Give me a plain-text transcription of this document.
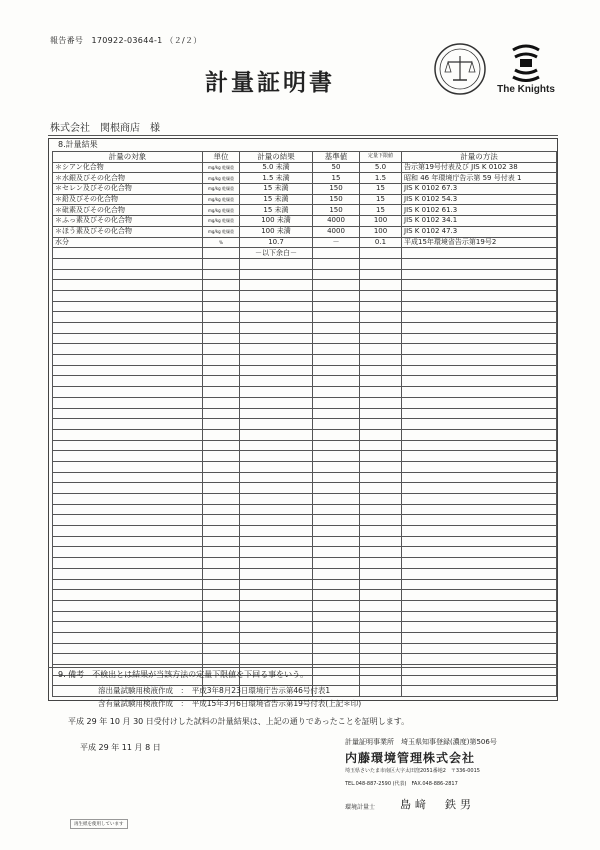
報告番号　170922-03644-1 （２/２）
計量証明書	The Knights
株式会社　関根商店　様
8.計量結果
計量の対象	単位	計量の結果	基準値	定量下限値	計量の方法
＊シアン化合物	mg/kg 乾燥重	5.0 未満	50	5.0	告示第19号付表及び JIS K 0102 38
＊水銀及びその化合物	mg/kg 乾燥重	1.5 未満	15	1.5	昭和 46 年環境庁告示第 59 号付表 1
＊セレン及びその化合物	mg/kg 乾燥重	15 未満	150	15	JIS K 0102 67.3
＊鉛及びその化合物	mg/kg 乾燥重	15 未満	150	15	JIS K 0102 54.3
＊砒素及びその化合物	mg/kg 乾燥重	15 未満	150	15	JIS K 0102 61.3
＊ふっ素及びその化合物	mg/kg 乾燥重	100 未満	4000	100	JIS K 0102 34.1
＊ほう素及びその化合物	mg/kg 乾燥重	100 未満	4000	100	JIS K 0102 47.3
水分	%	10.7	－	0.1	平成15年環境省告示第19号2
		－以下余白－			

9. 備考　不検出とは結果が当該方法の定量下限値を下回る事をいう。
溶出量試験用検液作成　：　平成3年8月23日環境庁告示第46号付表1
含有量試験用検液作成　：　平成15年3月6日環境省告示第19号付表(上記＊印)
平成 29 年 10 月 30 日受付けした試料の計量結果は、上記の通りであったことを証明します。
平成 29 年 11 月 8 日
計量証明事業所　埼玉県知事登録(濃度)第506号
内藤環境管理株式会社
埼玉県さいたま市南区大字太田窪2051番地2　〒336-0015
TEL.048-887-2590 (代表)　FAX.048-886-2817
環境計量士 島﨑　鉄男
再生紙を使用しています
